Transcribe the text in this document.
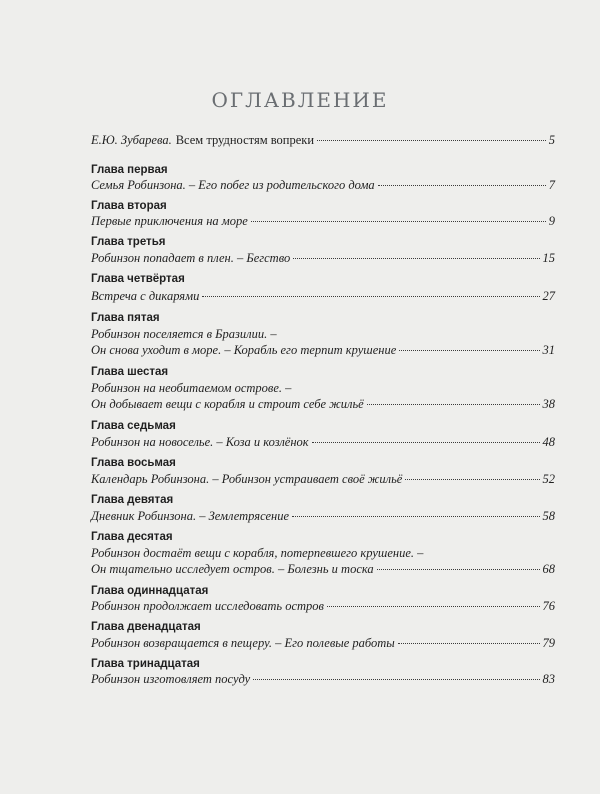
оглавление
Е.Ю. Зубарева. Всем трудностям вопреки	5
Глава первая
Семья Робинзона. – Его побег из родительского дома	7
Глава вторая
Первые приключения на море	9
Глава третья
Робинзон попадает в плен. – Бегство	15
Глава четвёртая
Встреча с дикарями	27
Глава пятая
Робинзон поселяется в Бразилии. –
Он снова уходит в море. – Корабль его терпит крушение	31
Глава шестая
Робинзон на необитаемом острове. –
Он добывает вещи с корабля и строит себе жильё	38
Глава седьмая
Робинзон на новоселье. – Коза и козлёнок	48
Глава восьмая
Календарь Робинзона. – Робинзон устраивает своё жильё	52
Глава девятая
Дневник Робинзона. – Землетрясение	58
Глава десятая
Робинзон достаёт вещи с корабля, потерпевшего крушение. –
Он тщательно исследует остров. – Болезнь и тоска	68
Глава одиннадцатая
Робинзон продолжает исследовать остров	76
Глава двенадцатая
Робинзон возвращается в пещеру. – Его полевые работы	79
Глава тринадцатая
Робинзон изготовляет посуду	83
